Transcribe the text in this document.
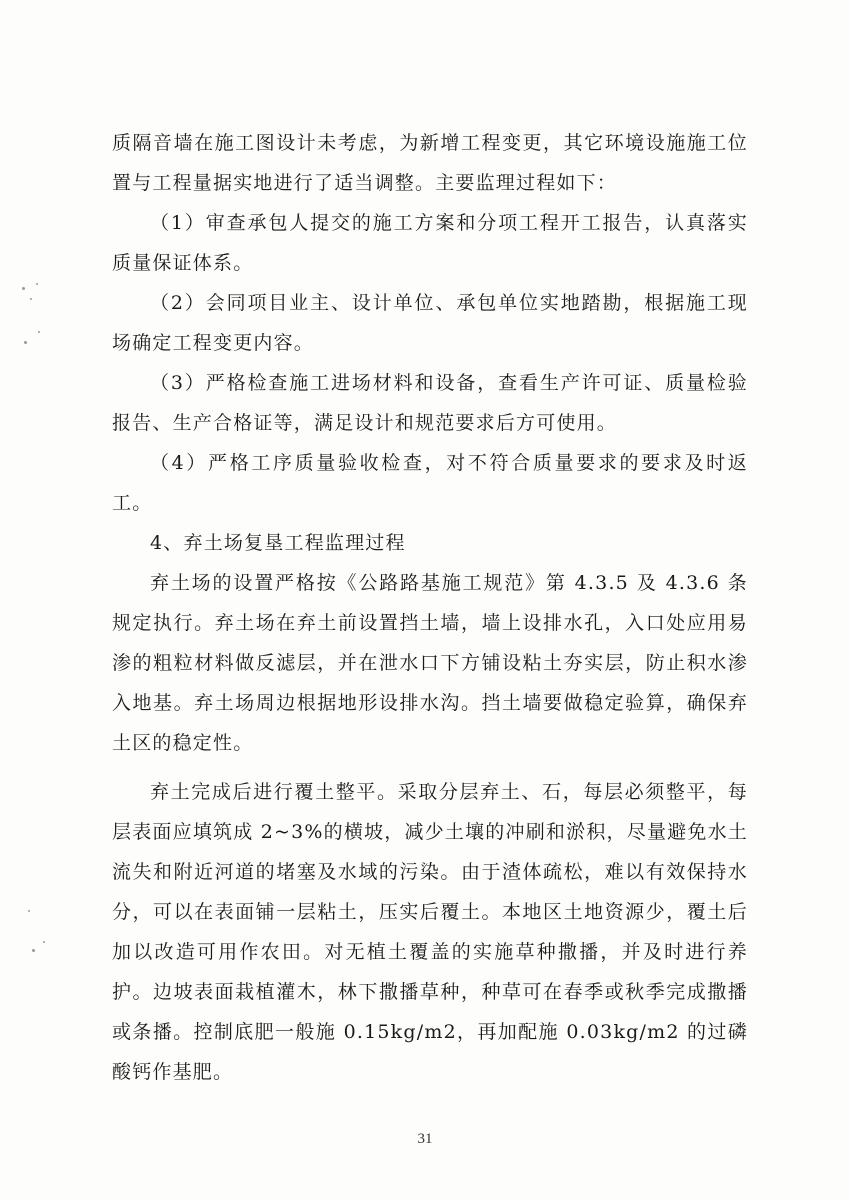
质隔音墙在施工图设计未考虑，为新增工程变更，其它环境设施施工位置与工程量据实地进行了适当调整。主要监理过程如下：

（1）审查承包人提交的施工方案和分项工程开工报告，认真落实质量保证体系。

（2）会同项目业主、设计单位、承包单位实地踏勘，根据施工现场确定工程变更内容。

（3）严格检查施工进场材料和设备，查看生产许可证、质量检验报告、生产合格证等，满足设计和规范要求后方可使用。

（4）严格工序质量验收检查，对不符合质量要求的要求及时返工。

4、弃土场复垦工程监理过程

弃土场的设置严格按《公路路基施工规范》第 4.3.5 及 4.3.6 条规定执行。弃土场在弃土前设置挡土墙，墙上设排水孔，入口处应用易渗的粗粒材料做反滤层，并在泄水口下方铺设粘土夯实层，防止积水渗入地基。弃土场周边根据地形设排水沟。挡土墙要做稳定验算，确保弃土区的稳定性。

弃土完成后进行覆土整平。采取分层弃土、石，每层必须整平，每层表面应填筑成 2~3%的横坡，减少土壤的冲刷和淤积，尽量避免水土流失和附近河道的堵塞及水域的污染。由于渣体疏松，难以有效保持水分，可以在表面铺一层粘土，压实后覆土。本地区土地资源少，覆土后加以改造可用作农田。对无植土覆盖的实施草种撒播，并及时进行养护。边坡表面栽植灌木，林下撒播草种，种草可在春季或秋季完成撒播或条播。控制底肥一般施 0.15kg/m2，再加配施 0.03kg/m2 的过磷酸钙作基肥。

31
